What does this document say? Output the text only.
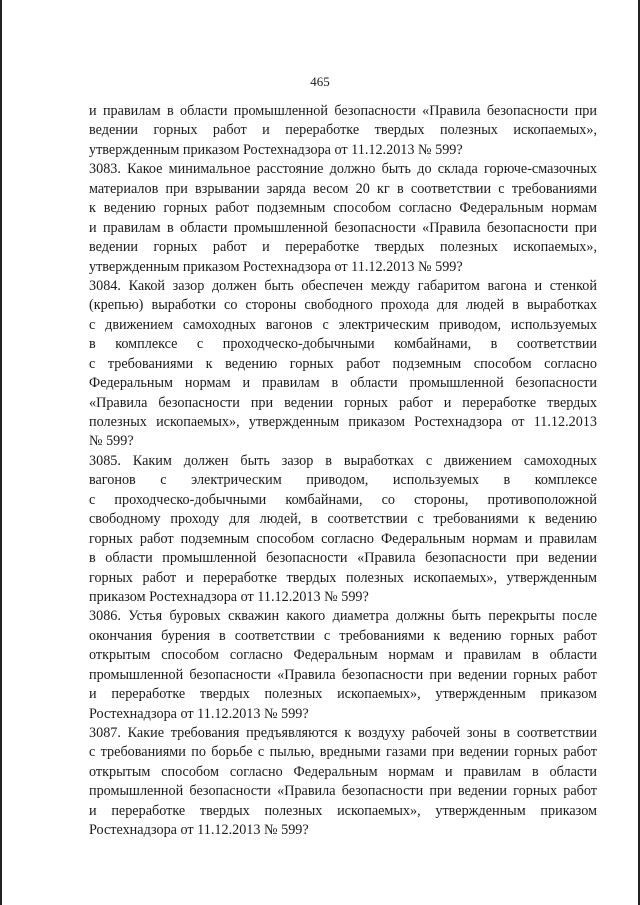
465
и правилам в области промышленной безопасности «Правила безопасности при
ведении горных работ и переработке твердых полезных ископаемых»,
утвержденным приказом Ростехнадзора от 11.12.2013 № 599?
3083. Какое минимальное расстояние должно быть до склада горюче-смазочных
материалов при взрывании заряда весом 20 кг в соответствии с требованиями
к ведению горных работ подземным способом согласно Федеральным нормам
и правилам в области промышленной безопасности «Правила безопасности при
ведении горных работ и переработке твердых полезных ископаемых»,
утвержденным приказом Ростехнадзора от 11.12.2013 № 599?
3084. Какой зазор должен быть обеспечен между габаритом вагона и стенкой
(крепью) выработки со стороны свободного прохода для людей в выработках
с движением самоходных вагонов с электрическим приводом, используемых
в комплексе с проходческо-добычными комбайнами, в соответствии
с требованиями к ведению горных работ подземным способом согласно
Федеральным нормам и правилам в области промышленной безопасности
«Правила безопасности при ведении горных работ и переработке твердых
полезных ископаемых», утвержденным приказом Ростехнадзора от 11.12.2013
№ 599?
3085. Каким должен быть зазор в выработках с движением самоходных
вагонов с электрическим приводом, используемых в комплексе
с проходческо-добычными комбайнами, со стороны, противоположной
свободному проходу для людей, в соответствии с требованиями к ведению
горных работ подземным способом согласно Федеральным нормам и правилам
в области промышленной безопасности «Правила безопасности при ведении
горных работ и переработке твердых полезных ископаемых», утвержденным
приказом Ростехнадзора от 11.12.2013 № 599?
3086. Устья буровых скважин какого диаметра должны быть перекрыты после
окончания бурения в соответствии с требованиями к ведению горных работ
открытым способом согласно Федеральным нормам и правилам в области
промышленной безопасности «Правила безопасности при ведении горных работ
и переработке твердых полезных ископаемых», утвержденным приказом
Ростехнадзора от 11.12.2013 № 599?
3087. Какие требования предъявляются к воздуху рабочей зоны в соответствии
с требованиями по борьбе с пылью, вредными газами при ведении горных работ
открытым способом согласно Федеральным нормам и правилам в области
промышленной безопасности «Правила безопасности при ведении горных работ
и переработке твердых полезных ископаемых», утвержденным приказом
Ростехнадзора от 11.12.2013 № 599?
